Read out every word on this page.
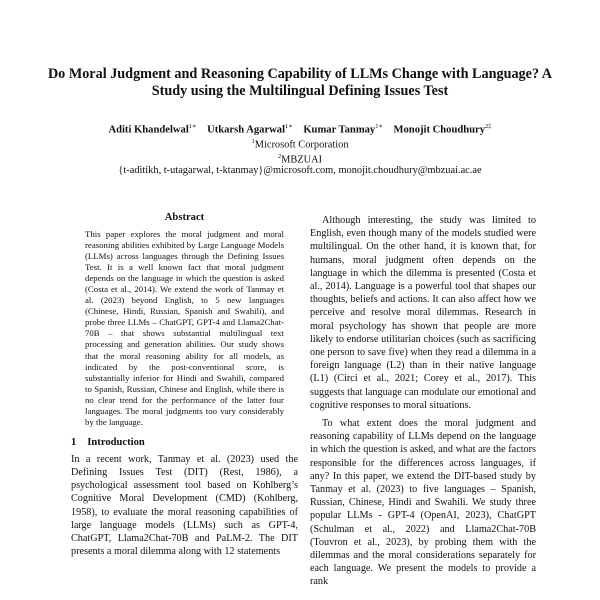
Do Moral Judgment and Reasoning Capability of LLMs Change with Language? A Study using the Multilingual Defining Issues Test
Aditi Khandelwal$^{1∗}$ Utkarsh Agarwal$^{1∗}$ Kumar Tanmay$^{1∗}$ Monojit Choudhury$^{2\ddagger}$
$^1$Microsoft Corporation
$^2$MBZUAI
{t-aditikh, t-utagarwal, t-ktanmay}@microsoft.com, monojit.choudhury@mbzuai.ac.ae
Abstract

This paper explores the moral judgment and moral reasoning abilities exhibited by Large Language Models (LLMs) across languages through the Defining Issues Test. It is a well known fact that moral judgment depends on the language in which the question is asked (Costa et al., 2014). We extend the work of Tanmay et al. (2023) beyond English, to 5 new languages (Chinese, Hindi, Russian, Spanish and Swahili), and probe three LLMs – ChatGPT, GPT-4 and Llama2Chat-70B – that shows substantial multilingual text processing and generation abilities. Our study shows that the moral reasoning ability for all models, as indicated by the post-conventional score, is substantially inferior for Hindi and Swahili, compared to Spanish, Russian, Chinese and English, while there is no clear trend for the performance of the latter four languages. The moral judgments too vary considerably by the language.

1 Introduction

In a recent work, Tanmay et al. (2023) used the Defining Issues Test (DIT) (Rest, 1986), a psychological assessment tool based on Kohlberg’s Cognitive Moral Development (CMD) (Kohlberg, 1958), to evaluate the moral reasoning capabilities of large language models (LLMs) such as GPT-4, ChatGPT, Llama2Chat-70B and PaLM-2. The DIT presents a moral dilemma along with 12 statements

Although interesting, the study was limited to English, even though many of the models studied were multilingual. On the other hand, it is known that, for humans, moral judgment often depends on the language in which the dilemma is presented (Costa et al., 2014). Language is a powerful tool that shapes our thoughts, beliefs and actions. It can also affect how we perceive and resolve moral dilemmas. Research in moral psychology has shown that people are more likely to endorse utilitarian choices (such as sacrificing one person to save five) when they read a dilemma in a foreign language (L2) than in their native language (L1) (Circi et al., 2021; Corey et al., 2017). This suggests that language can modulate our emotional and cognitive responses to moral situations.

To what extent does the moral judgment and reasoning capability of LLMs depend on the language in which the question is asked, and what are the factors responsible for the differences across languages, if any? In this paper, we extend the DIT-based study by Tanmay et al. (2023) to five languages – Spanish, Russian, Chinese, Hindi and Swahili. We study three popular LLMs - GPT-4 (OpenAI, 2023), ChatGPT (Schulman et al., 2022) and Llama2Chat-70B (Touvron et al., 2023), by probing them with the dilemmas and the moral considerations separately for each language. We present the models to provide a rank
